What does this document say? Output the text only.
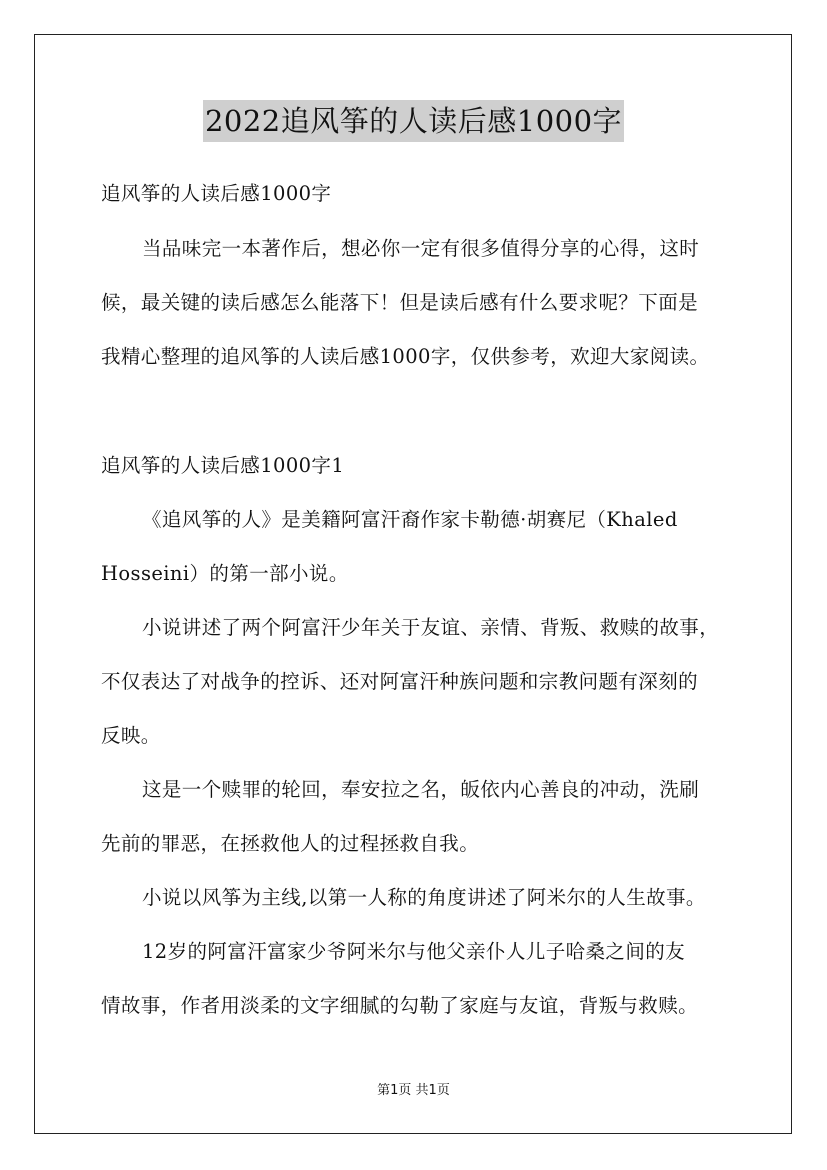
2022追风筝的人读后感1000字
追风筝的人读后感1000字
当品味完一本著作后，想必你一定有很多值得分享的心得，这时
候，最关键的读后感怎么能落下！但是读后感有什么要求呢？下面是
我精心整理的追风筝的人读后感1000字，仅供参考，欢迎大家阅读。
追风筝的人读后感1000字1
《追风筝的人》是美籍阿富汗裔作家卡勒德·胡赛尼（Khaled
Hosseini）的第一部小说。
小说讲述了两个阿富汗少年关于友谊、亲情、背叛、救赎的故事，
不仅表达了对战争的控诉、还对阿富汗种族问题和宗教问题有深刻的
反映。
这是一个赎罪的轮回，奉安拉之名，皈依内心善良的冲动，洗刷
先前的罪恶，在拯救他人的过程拯救自我。
小说以风筝为主线,以第一人称的角度讲述了阿米尔的人生故事。
12岁的阿富汗富家少爷阿米尔与他父亲仆人儿子哈桑之间的友
情故事，作者用淡柔的文字细腻的勾勒了家庭与友谊，背叛与救赎。
第1页 共1页
